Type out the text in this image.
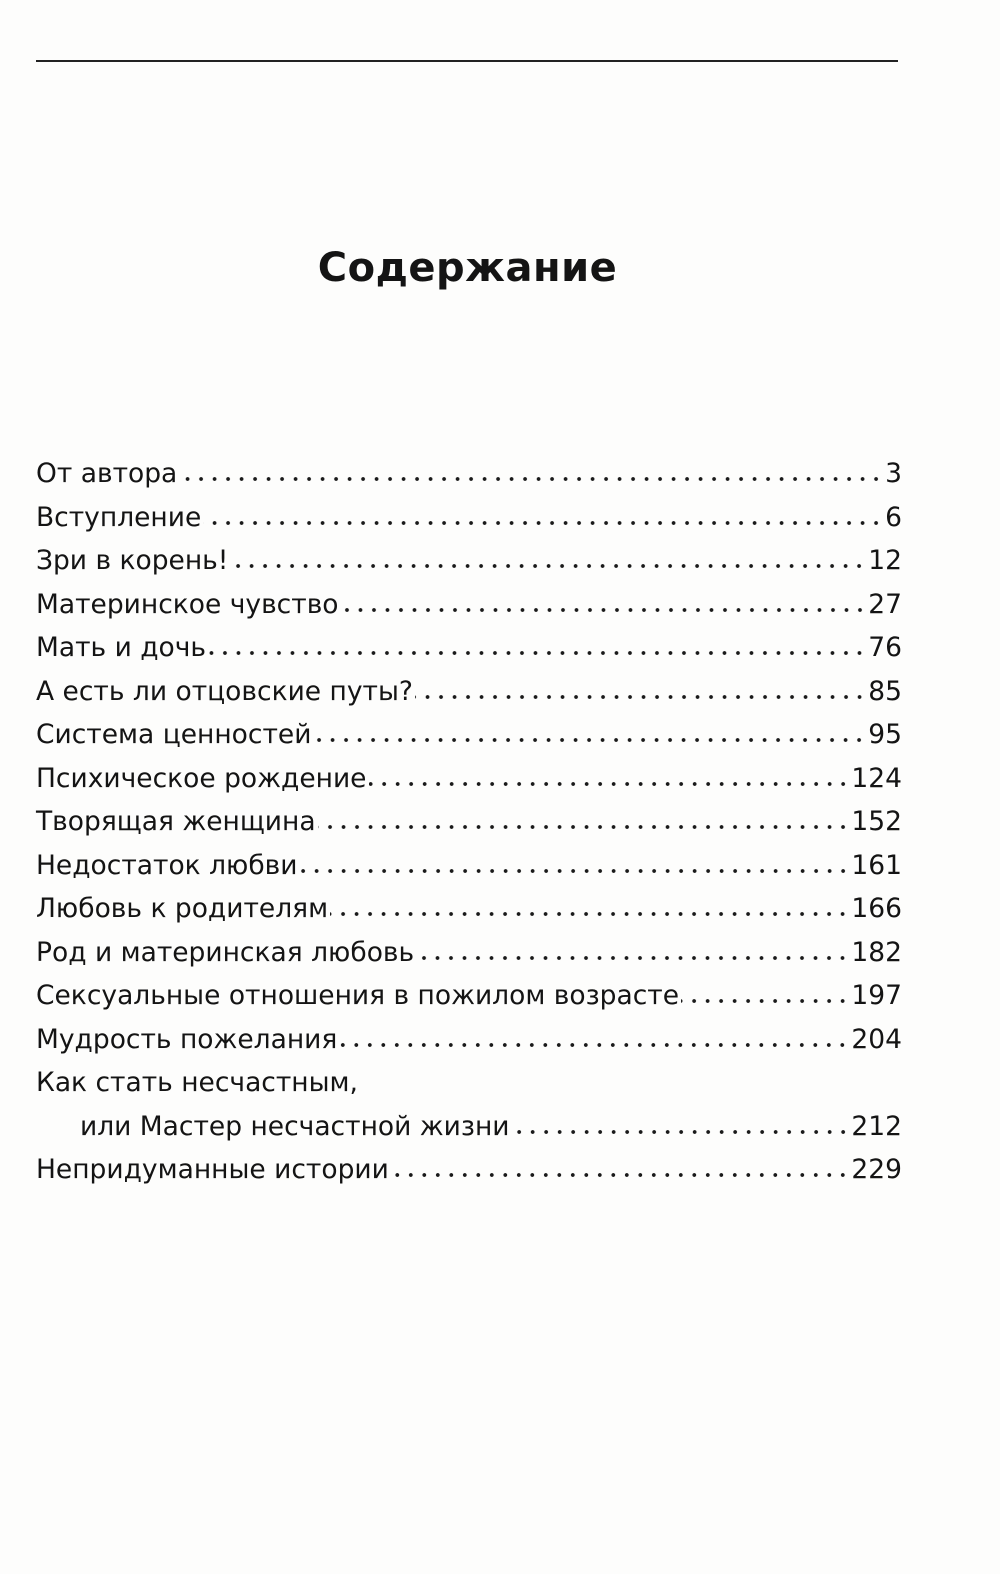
Содержание
От автора	3
Вступление	6
Зри в корень!	12
Материнское чувство	27
Мать и дочь	76
А есть ли отцовские путы?	85
Система ценностей	95
Психическое рождение	124
Творящая женщина	152
Недостаток любви	161
Любовь к родителям	166
Род и материнская любовь	182
Сексуальные отношения в пожилом возрасте	197
Мудрость пожелания	204
Как стать несчастным,
или Мастер несчастной жизни	212
Непридуманные истории	229
